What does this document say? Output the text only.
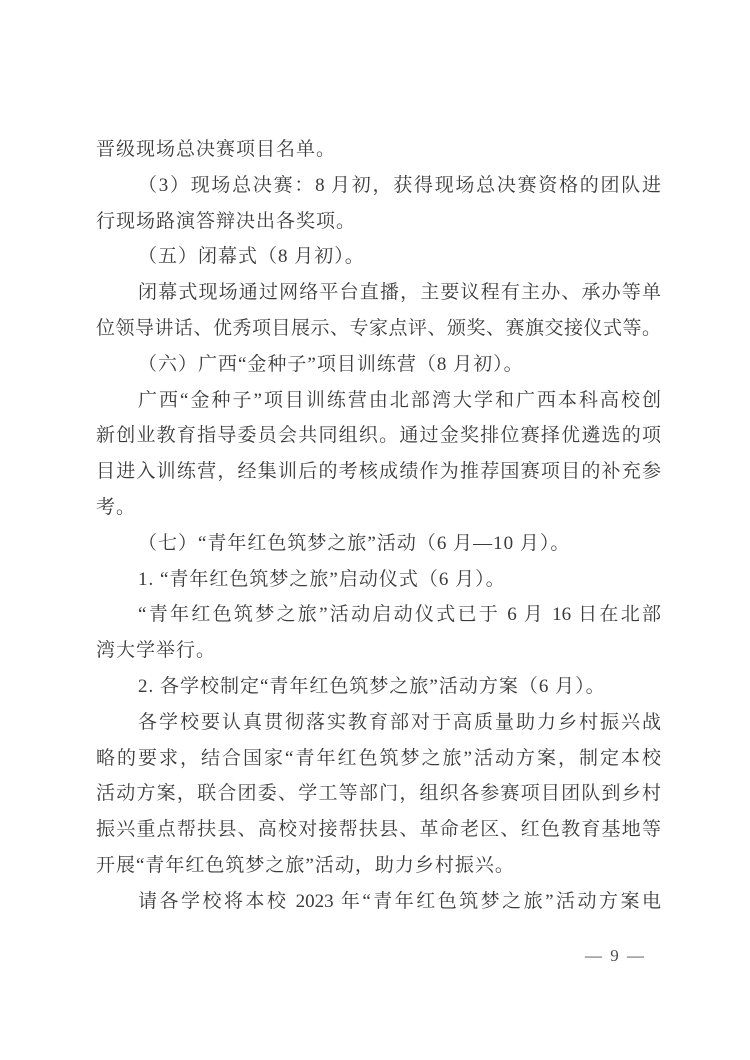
晋级现场总决赛项目名单。
（3）现场总决赛：8 月初，获得现场总决赛资格的团队进
行现场路演答辩决出各奖项。
（五）闭幕式（8 月初）。
闭幕式现场通过网络平台直播，主要议程有主办、承办等单
位领导讲话、优秀项目展示、专家点评、颁奖、赛旗交接仪式等。
（六）广西“金种子”项目训练营（8 月初）。
广西“金种子”项目训练营由北部湾大学和广西本科高校创
新创业教育指导委员会共同组织。通过金奖排位赛择优遴选的项
目进入训练营，经集训后的考核成绩作为推荐国赛项目的补充参
考。
（七）“青年红色筑梦之旅”活动（6 月—10 月）。
1. “青年红色筑梦之旅”启动仪式（6 月）。
“青年红色筑梦之旅”活动启动仪式已于 6 月 16 日在北部
湾大学举行。
2. 各学校制定“青年红色筑梦之旅”活动方案（6 月）。
各学校要认真贯彻落实教育部对于高质量助力乡村振兴战
略的要求，结合国家“青年红色筑梦之旅”活动方案，制定本校
活动方案，联合团委、学工等部门，组织各参赛项目团队到乡村
振兴重点帮扶县、高校对接帮扶县、革命老区、红色教育基地等
开展“青年红色筑梦之旅”活动，助力乡村振兴。
请各学校将本校 2023 年“青年红色筑梦之旅”活动方案电
— 9 —
